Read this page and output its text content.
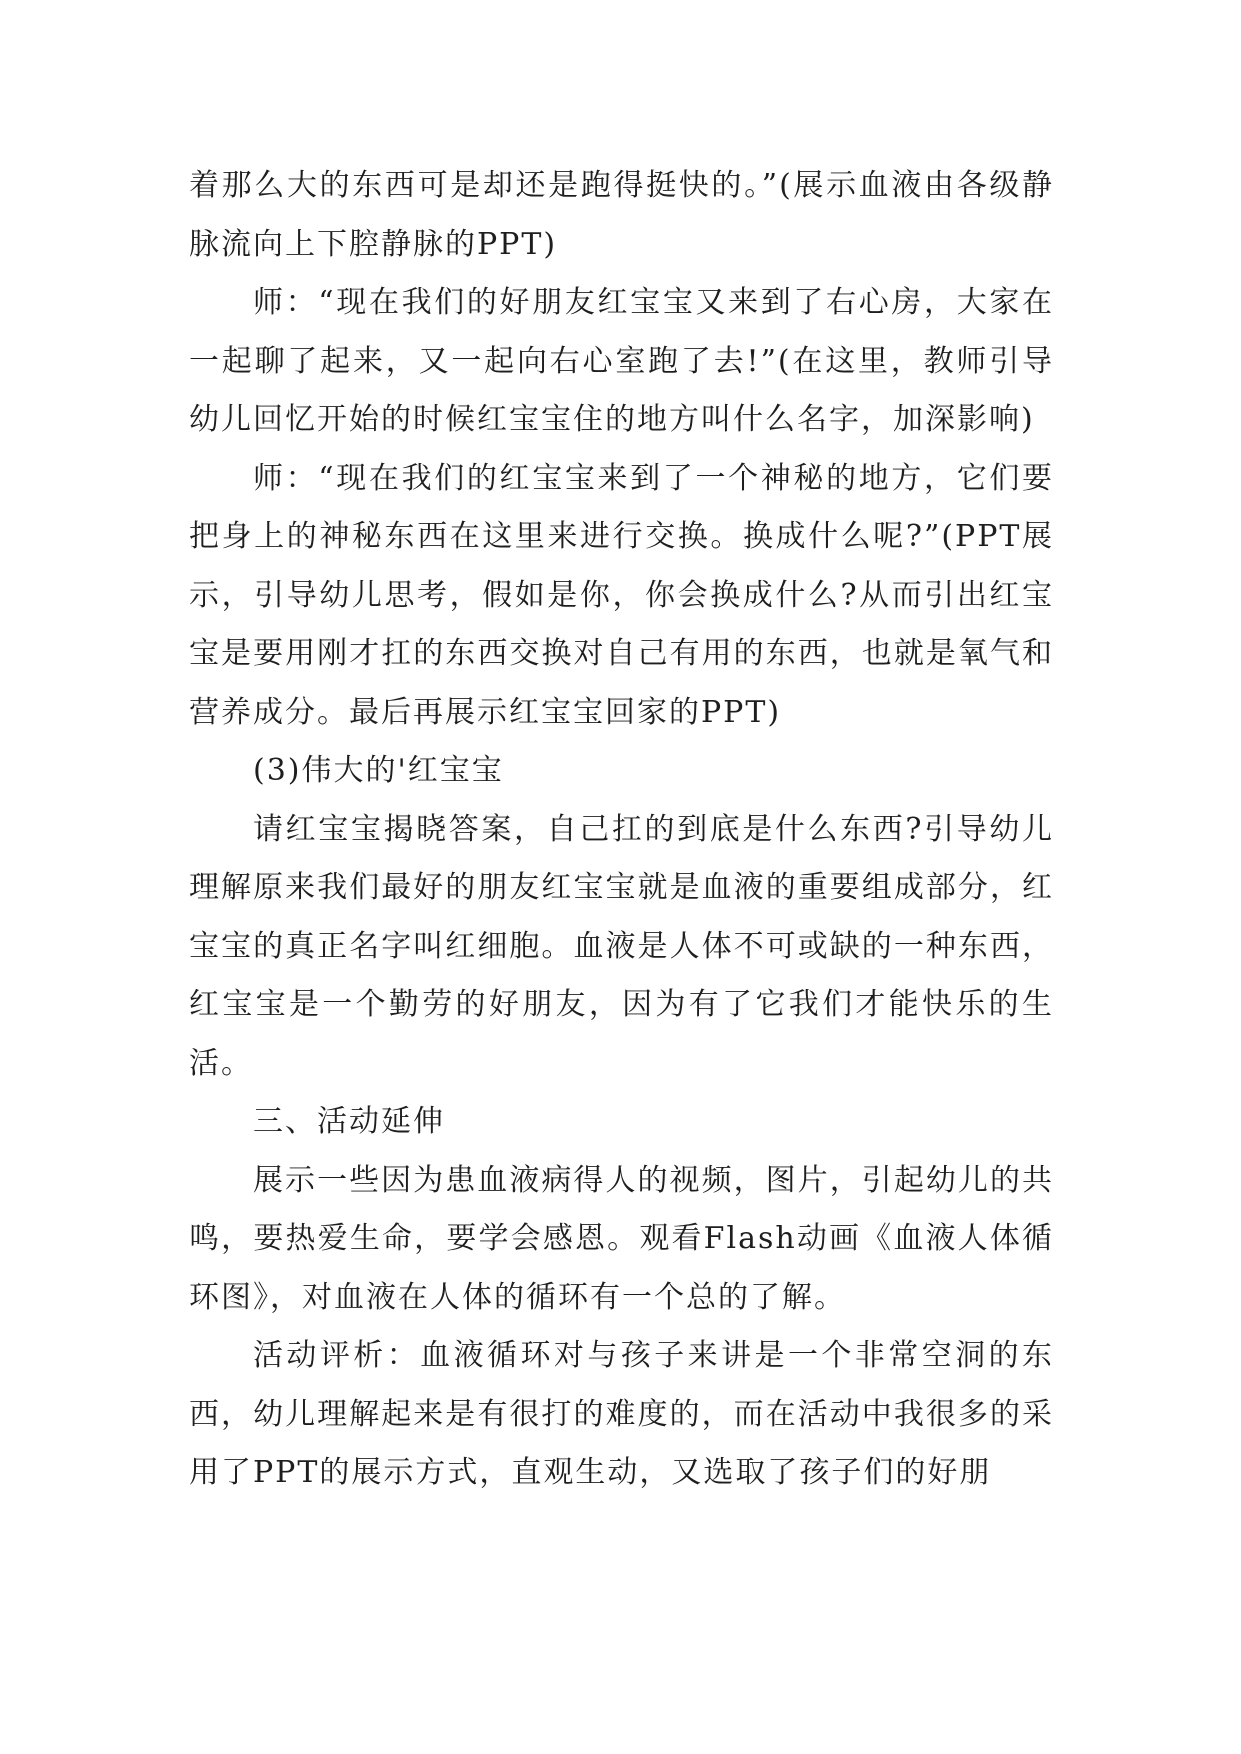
着那么大的东西可是却还是跑得挺快的。”(展示血液由各级静脉流向上下腔静脉的PPT)

师：“现在我们的好朋友红宝宝又来到了右心房，大家在一起聊了起来，又一起向右心室跑了去!”(在这里，教师引导幼儿回忆开始的时候红宝宝住的地方叫什么名字，加深影响)

师：“现在我们的红宝宝来到了一个神秘的地方，它们要把身上的神秘东西在这里来进行交换。换成什么呢?”(PPT展示，引导幼儿思考，假如是你，你会换成什么?从而引出红宝宝是要用刚才扛的东西交换对自己有用的东西，也就是氧气和营养成分。最后再展示红宝宝回家的PPT)

(3)伟大的'红宝宝

请红宝宝揭晓答案，自己扛的到底是什么东西?引导幼儿理解原来我们最好的朋友红宝宝就是血液的重要组成部分，红宝宝的真正名字叫红细胞。血液是人体不可或缺的一种东西，红宝宝是一个勤劳的好朋友，因为有了它我们才能快乐的生活。

三、活动延伸

展示一些因为患血液病得人的视频，图片，引起幼儿的共鸣，要热爱生命，要学会感恩。观看Flash动画《血液人体循环图》，对血液在人体的循环有一个总的了解。

活动评析：血液循环对与孩子来讲是一个非常空洞的东西，幼儿理解起来是有很打的难度的，而在活动中我很多的采用了PPT的展示方式，直观生动，又选取了孩子们的好朋
